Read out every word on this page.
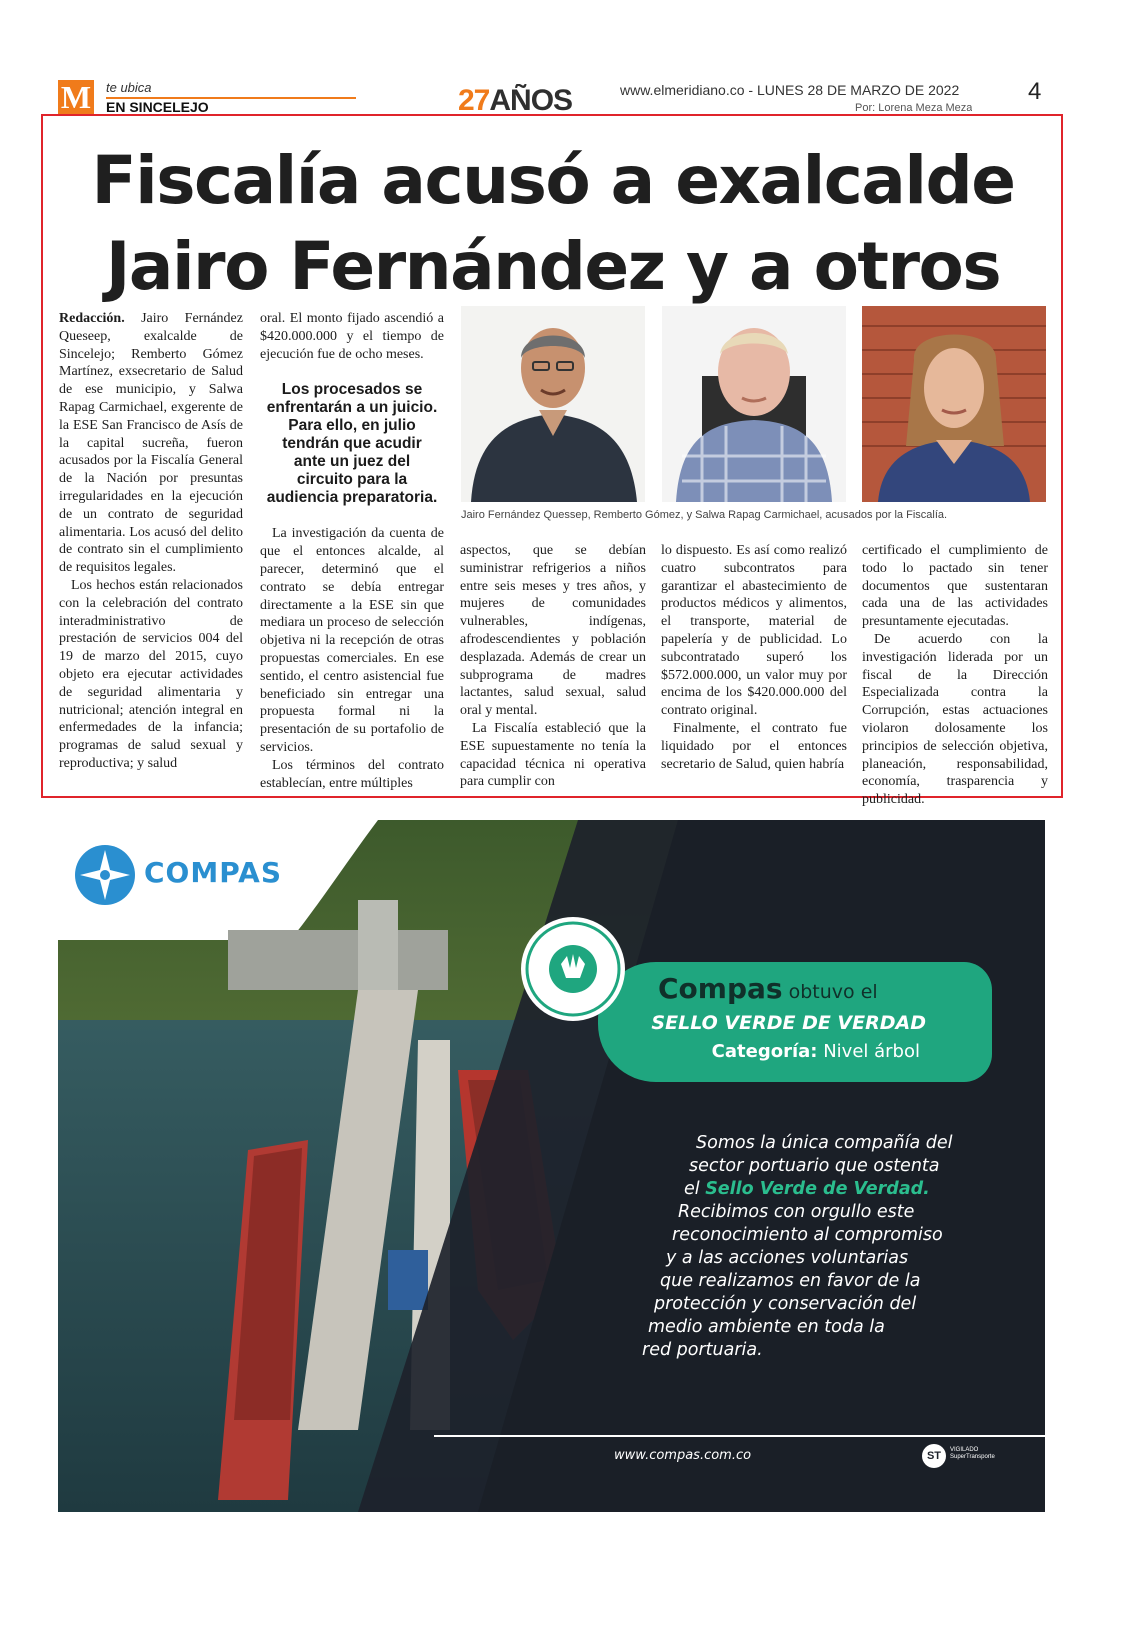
M te ubica
EN SINCELEJO	27AÑOS	www.elmeridiano.co - LUNES 28 DE MARZO DE 2022
Por: Lorena Meza Meza
4
Fiscalía acusó a exalcalde
Jairo Fernández y a otros

Redacción. Jairo Fernández Queseep, exalcalde de Sincelejo; Remberto Gómez Martínez, exsecretario de Salud de ese municipio, y Salwa Rapag Carmichael, exgerente de la ESE San Francisco de Asís de la capital sucreña, fueron acusados por la Fiscalía General de la Nación por presuntas irregularidades en la ejecución de un contrato de seguridad alimentaria. Los acusó del delito de contrato sin el cumplimiento de requisitos legales.

Los hechos están relacionados con la celebración del contrato interadministrativo de prestación de servicios 004 del 19 de marzo del 2015, cuyo objeto era ejecutar actividades de seguridad alimentaria y nutricional; atención integral en enfermedades de la infancia; programas de salud sexual y reproductiva; y salud

oral. El monto fijado ascendió a $420.000.000 y el tiempo de ejecución fue de ocho meses.

Los procesados se enfrentarán a un juicio. Para ello, en julio tendrán que acudir ante un juez del circuito para la audiencia preparatoria.

La investigación da cuenta de que el entonces alcalde, al parecer, determinó que el contrato se debía entregar directamente a la ESE sin que mediara un proceso de selección objetiva ni la recepción de otras propuestas comerciales. En ese sentido, el centro asistencial fue beneficiado sin entregar una propuesta formal ni la presentación de su portafolio de servicios.

Los términos del contrato establecían, entre múltiples

Jairo Fernández Quessep, Remberto Gómez, y Salwa Rapag Carmichael, acusados por la Fiscalía.

aspectos, que se debían suministrar refrigerios a niños entre seis meses y tres años, y mujeres de comunidades vulnerables, indígenas, afrodescendientes y población desplazada. Además de crear un subprograma de madres lactantes, salud sexual, salud oral y mental.

La Fiscalía estableció que la ESE supuestamente no tenía la capacidad técnica ni operativa para cumplir con

lo dispuesto. Es así como realizó cuatro subcontratos para garantizar el abastecimiento de productos médicos y alimentos, el transporte, material de papelería y de publicidad. Lo subcontratado superó los $572.000.000, un valor muy por encima de los $420.000.000 del contrato original.

Finalmente, el contrato fue liquidado por el entonces secretario de Salud, quien habría

certificado el cumplimiento de todo lo pactado sin tener documentos que sustentaran cada una de las actividades presuntamente ejecutadas.

De acuerdo con la investigación liderada por un fiscal de la Dirección Especializada contra la Corrupción, estas actuaciones violaron dolosamente los principios de selección objetiva, planeación, responsabilidad, economía, trasparencia y publicidad.

COMPAS
Compas obtuvo el
SELLO VERDE DE VERDAD
Categoría: Nivel árbol
Somos la única compañía del
sector portuario que ostenta
el Sello Verde de Verdad.
Recibimos con orgullo este
reconocimiento al compromiso
y a las acciones voluntarias
que realizamos en favor de la
protección y conservación del
medio ambiente en toda la
red portuaria.
www.compas.com.co	ST	VIGILADO
SuperTransporte
